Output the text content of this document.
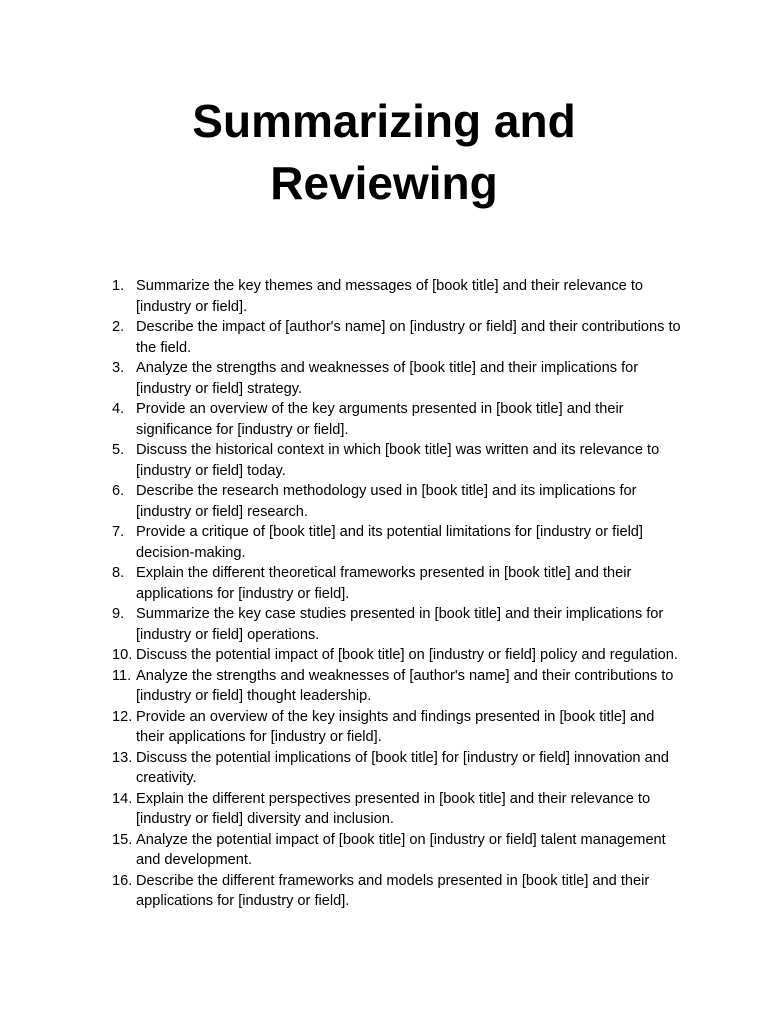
Summarizing and
Reviewing
1. Summarize the key themes and messages of [book title] and their relevance to [industry or field].
2. Describe the impact of [author's name] on [industry or field] and their contributions to the field.
3. Analyze the strengths and weaknesses of [book title] and their implications for [industry or field] strategy.
4. Provide an overview of the key arguments presented in [book title] and their significance for [industry or field].
5. Discuss the historical context in which [book title] was written and its relevance to [industry or field] today.
6. Describe the research methodology used in [book title] and its implications for [industry or field] research.
7. Provide a critique of [book title] and its potential limitations for [industry or field] decision-making.
8. Explain the different theoretical frameworks presented in [book title] and their applications for [industry or field].
9. Summarize the key case studies presented in [book title] and their implications for [industry or field] operations.
10. Discuss the potential impact of [book title] on [industry or field] policy and regulation.
11. Analyze the strengths and weaknesses of [author's name] and their contributions to [industry or field] thought leadership.
12. Provide an overview of the key insights and findings presented in [book title] and their applications for [industry or field].
13. Discuss the potential implications of [book title] for [industry or field] innovation and creativity.
14. Explain the different perspectives presented in [book title] and their relevance to [industry or field] diversity and inclusion.
15. Analyze the potential impact of [book title] on [industry or field] talent management and development.
16. Describe the different frameworks and models presented in [book title] and their applications for [industry or field].
